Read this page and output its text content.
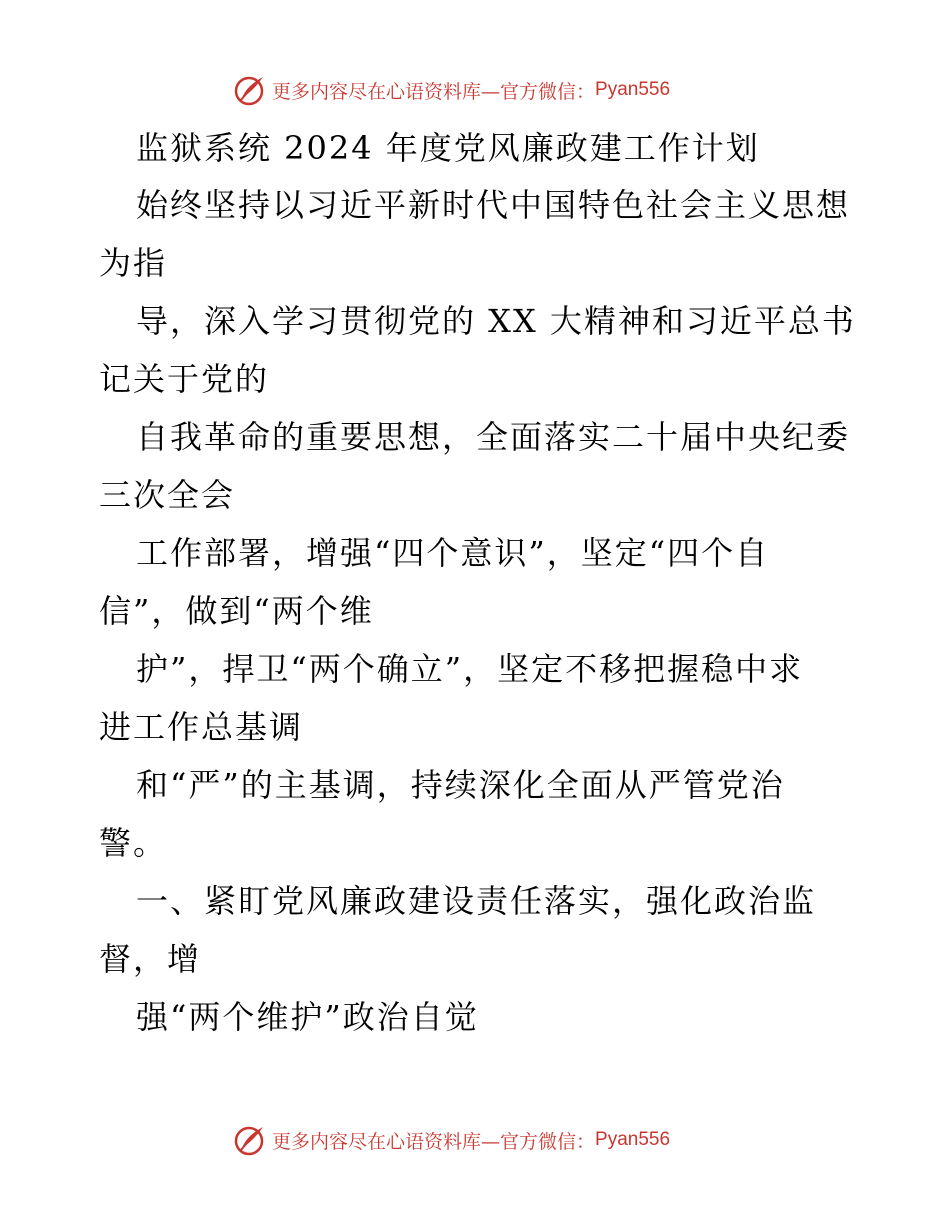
更多内容尽在心语资料库—官方微信： Pyan556
监狱系统 2024 年度党风廉政建工作计划
始终坚持以习近平新时代中国特色社会主义思想
为指
导，深入学习贯彻党的 XX 大精神和习近平总书
记关于党的
自我革命的重要思想，全面落实二十届中央纪委
三次全会
工作部署，增强“四个意识”，坚定“四个自
信”，做到“两个维
护”，捍卫“两个确立”，坚定不移把握稳中求
进工作总基调
和“严”的主基调，持续深化全面从严管党治
警。
一、紧盯党风廉政建设责任落实，强化政治监
督，增
强“两个维护”政治自觉
更多内容尽在心语资料库—官方微信： Pyan556
